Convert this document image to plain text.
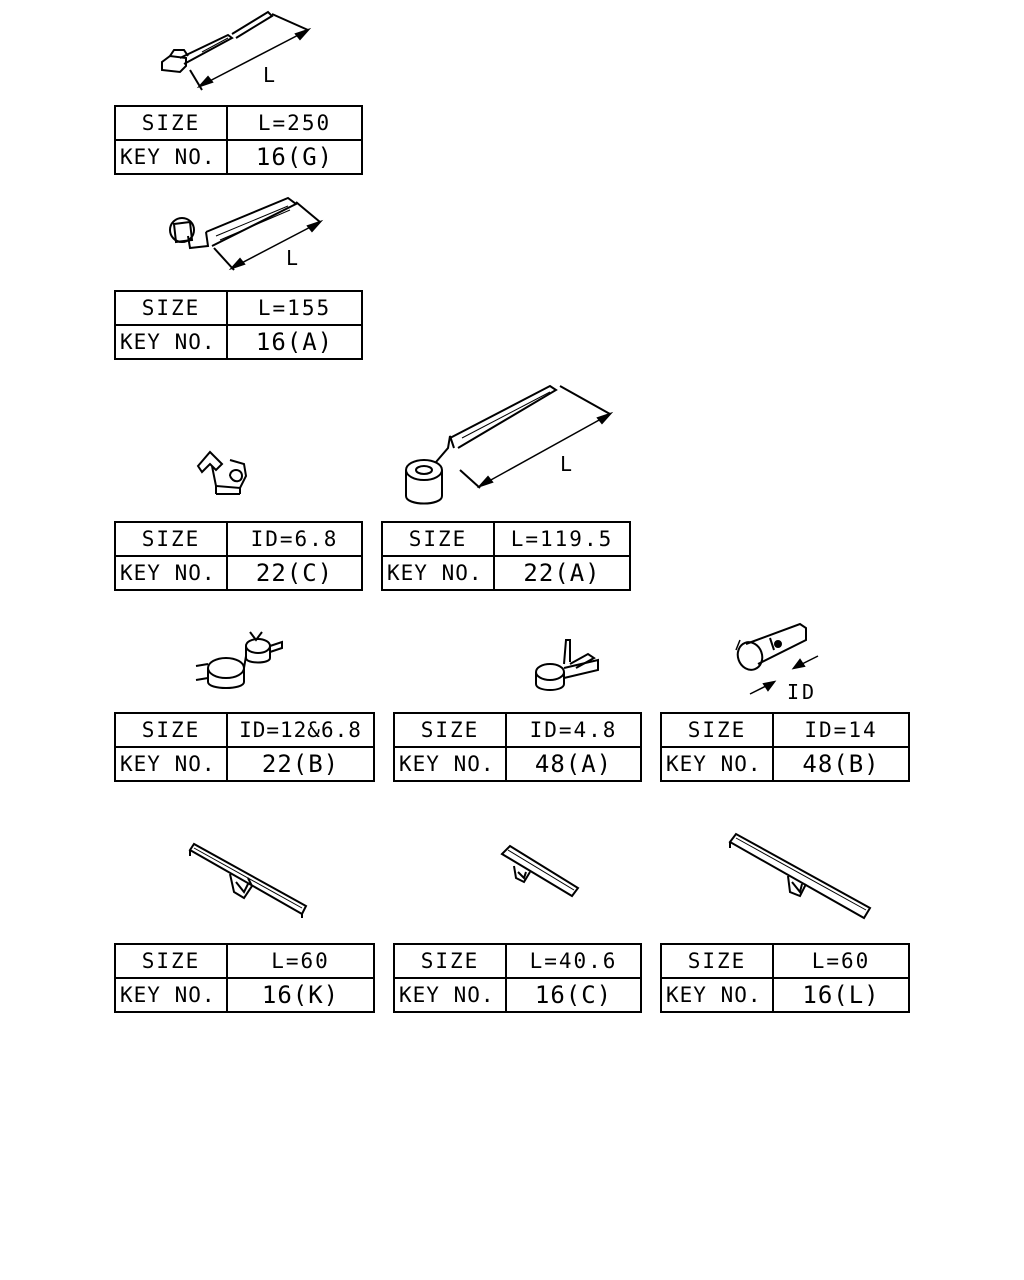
L
SIZE	L=250
KEY NO.	16(G)
L
SIZE	L=155
KEY NO.	16(A)
SIZE	ID=6.8
KEY NO.	22(C)
L
SIZE	L=119.5
KEY NO.	22(A)
SIZE	ID=12&6.8
KEY NO.	22(B)
SIZE	ID=4.8
KEY NO.	48(A)
ID
SIZE	ID=14
KEY NO.	48(B)
SIZE	L=60
KEY NO.	16(K)
SIZE	L=40.6
KEY NO.	16(C)
SIZE	L=60
KEY NO.	16(L)
